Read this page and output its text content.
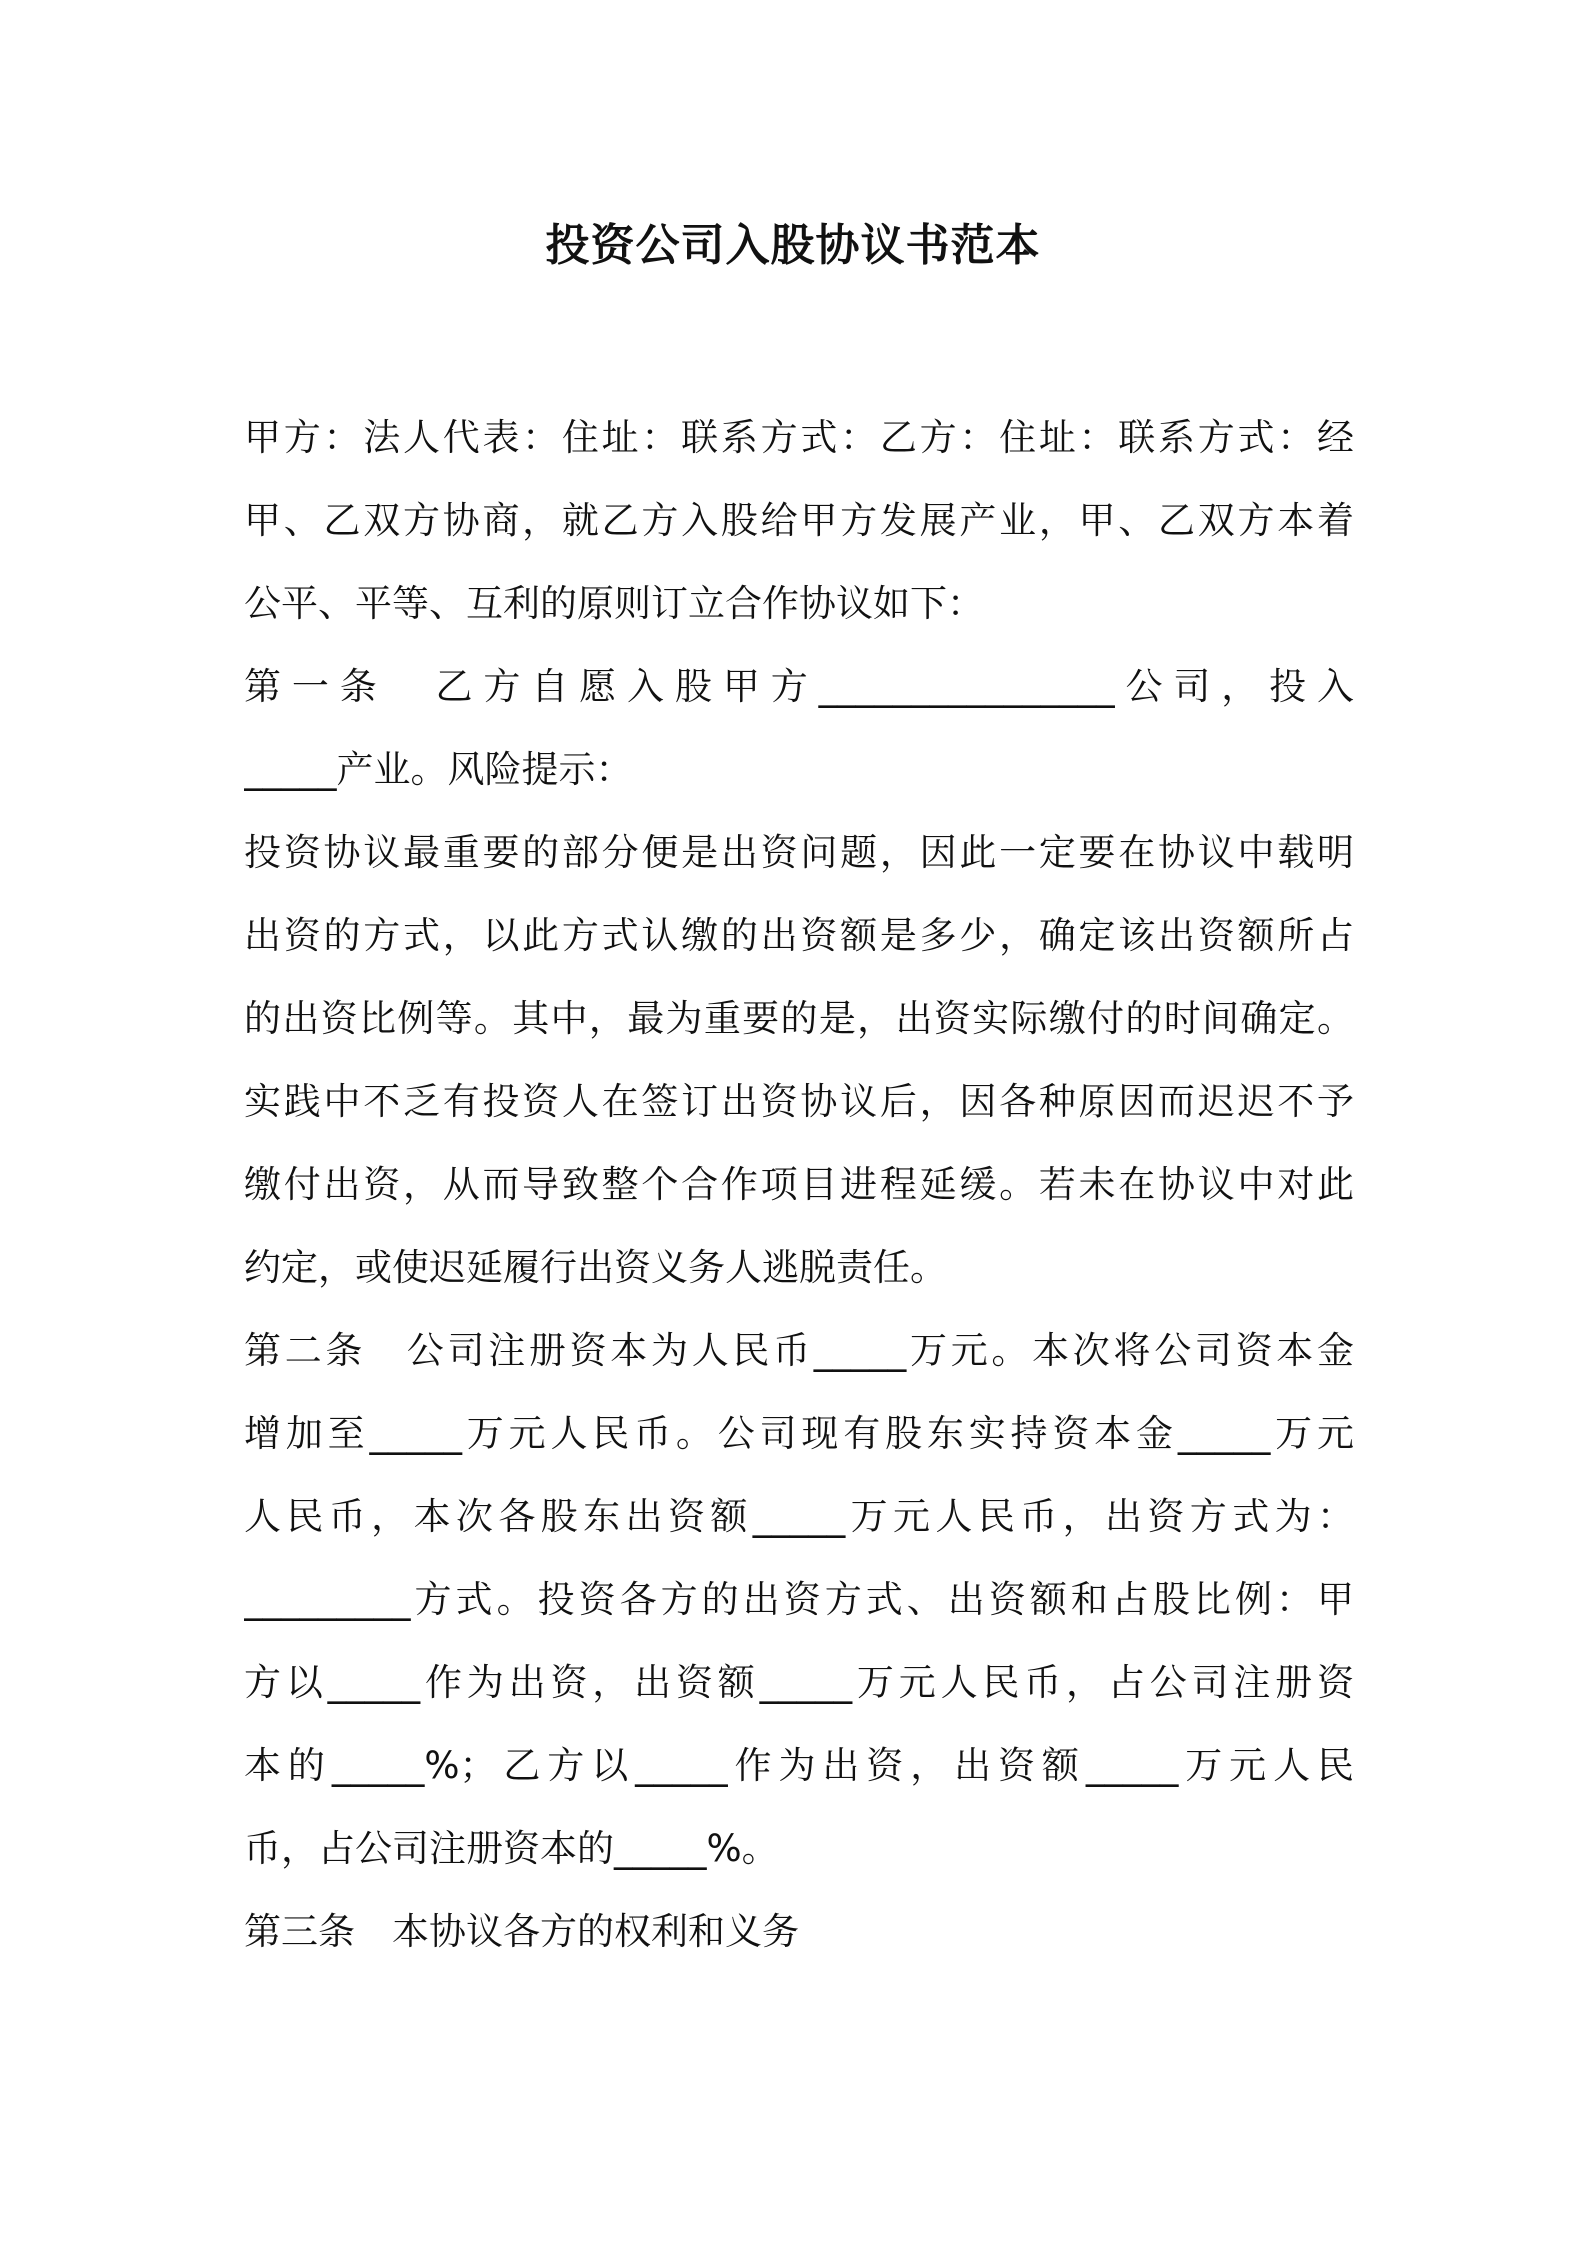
投资公司入股协议书范本
甲方：法人代表：住址：联系方式：乙方：住址：联系方式：经
甲、乙双方协商，就乙方入股给甲方发展产业，甲、乙双方本着
公平、平等、互利的原则订立合作协议如下：
第一条　乙方自愿入股甲方________________公司，投入
_____产业。风险提示：
投资协议最重要的部分便是出资问题，因此一定要在协议中载明
出资的方式，以此方式认缴的出资额是多少，确定该出资额所占
的出资比例等。其中，最为重要的是，出资实际缴付的时间确定。
实践中不乏有投资人在签订出资协议后，因各种原因而迟迟不予
缴付出资，从而导致整个合作项目进程延缓。若未在协议中对此
约定，或使迟延履行出资义务人逃脱责任。
第二条　公司注册资本为人民币_____万元。本次将公司资本金
增加至_____万元人民币。公司现有股东实持资本金_____万元
人民币，本次各股东出资额_____万元人民币，出资方式为：
_________方式。投资各方的出资方式、出资额和占股比例：甲
方以_____作为出资，出资额_____万元人民币，占公司注册资
本的_____%；乙方以_____作为出资，出资额_____万元人民
币，占公司注册资本的_____%。
第三条　本协议各方的权利和义务
